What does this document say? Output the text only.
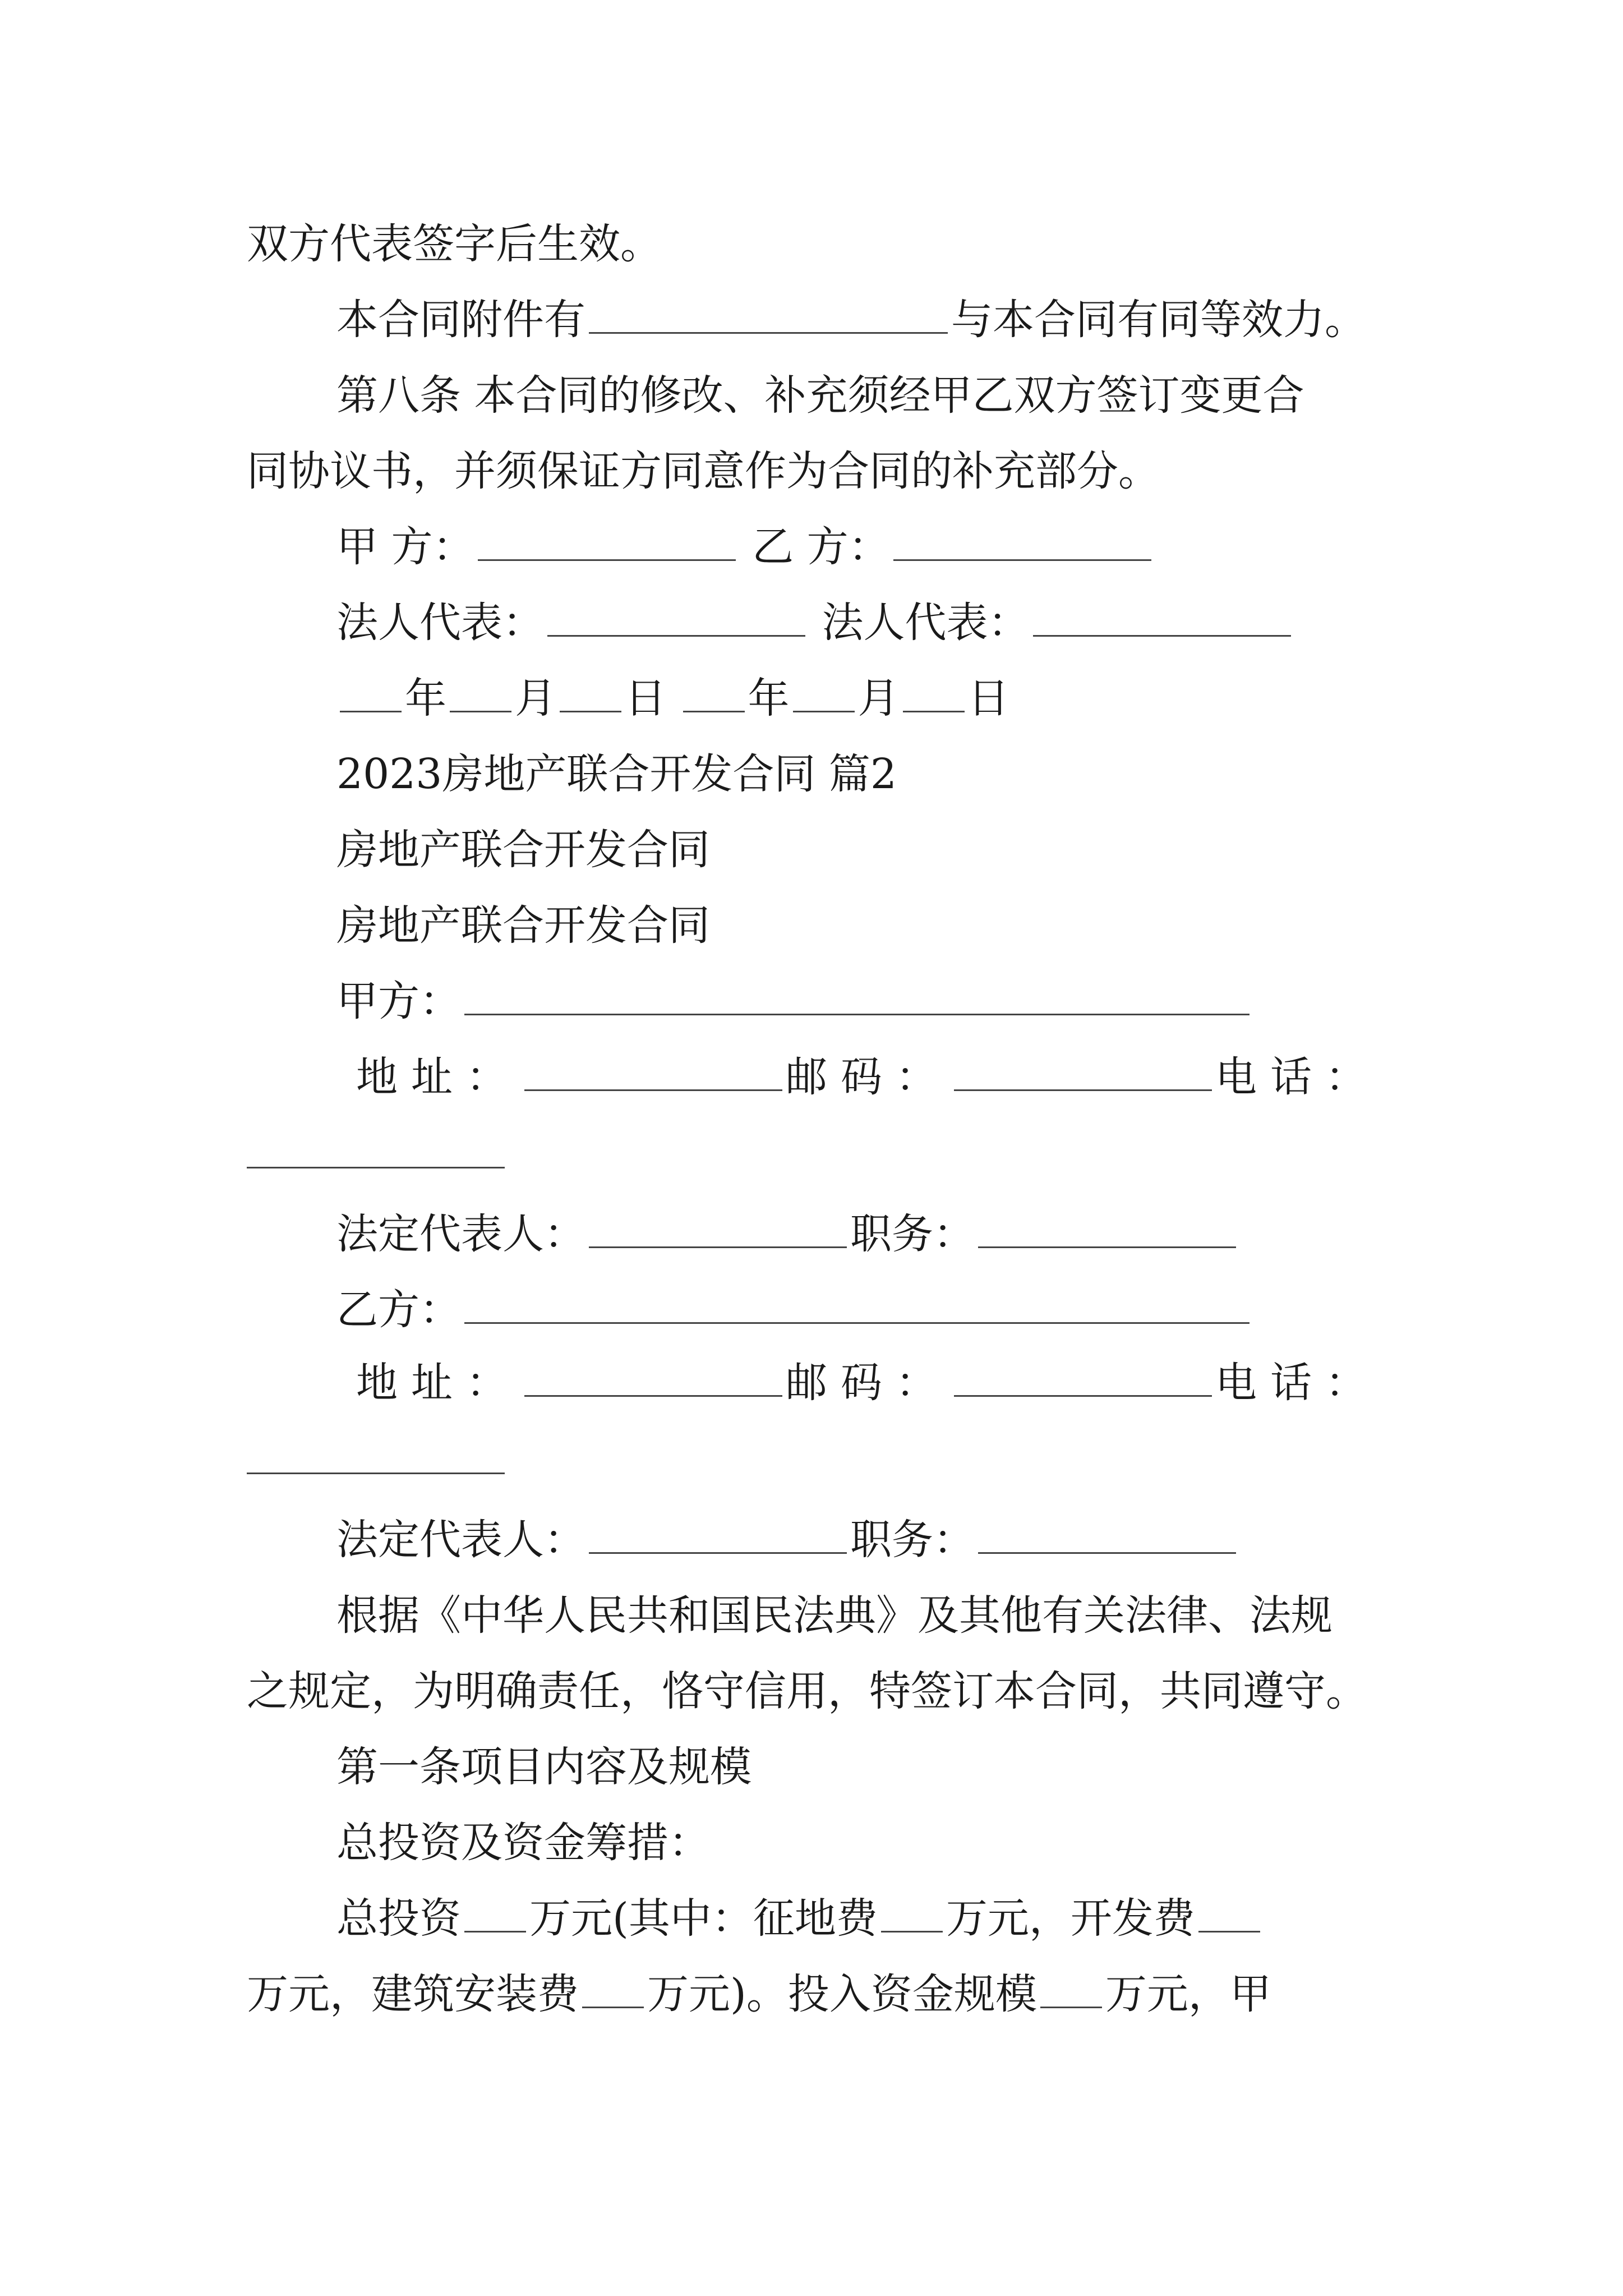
双方代表签字后生效。
本合同附件有	与本合同有同等效力。
第八条 本合同的修改、补充须经甲乙双方签订变更合
同协议书，并须保证方同意作为合同的补充部分。
甲 方：	乙 方：
法人代表：	法人代表：
年 月 日 年 月 日
2023房地产联合开发合同 篇2
房地产联合开发合同
房地产联合开发合同
甲方：
地址：	邮码：	电话：
法定代表人：	职务：
乙方：
地址：	邮码：	电话：
法定代表人：	职务：
根据《中华人民共和国民法典》及其他有关法律、法规
之规定，为明确责任，恪守信用，特签订本合同，共同遵守。
第一条项目内容及规模
总投资及资金筹措：
总投资 万元(其中：征地费 万元，开发费
万元，建筑安装费 万元)。投入资金规模 万元，甲
